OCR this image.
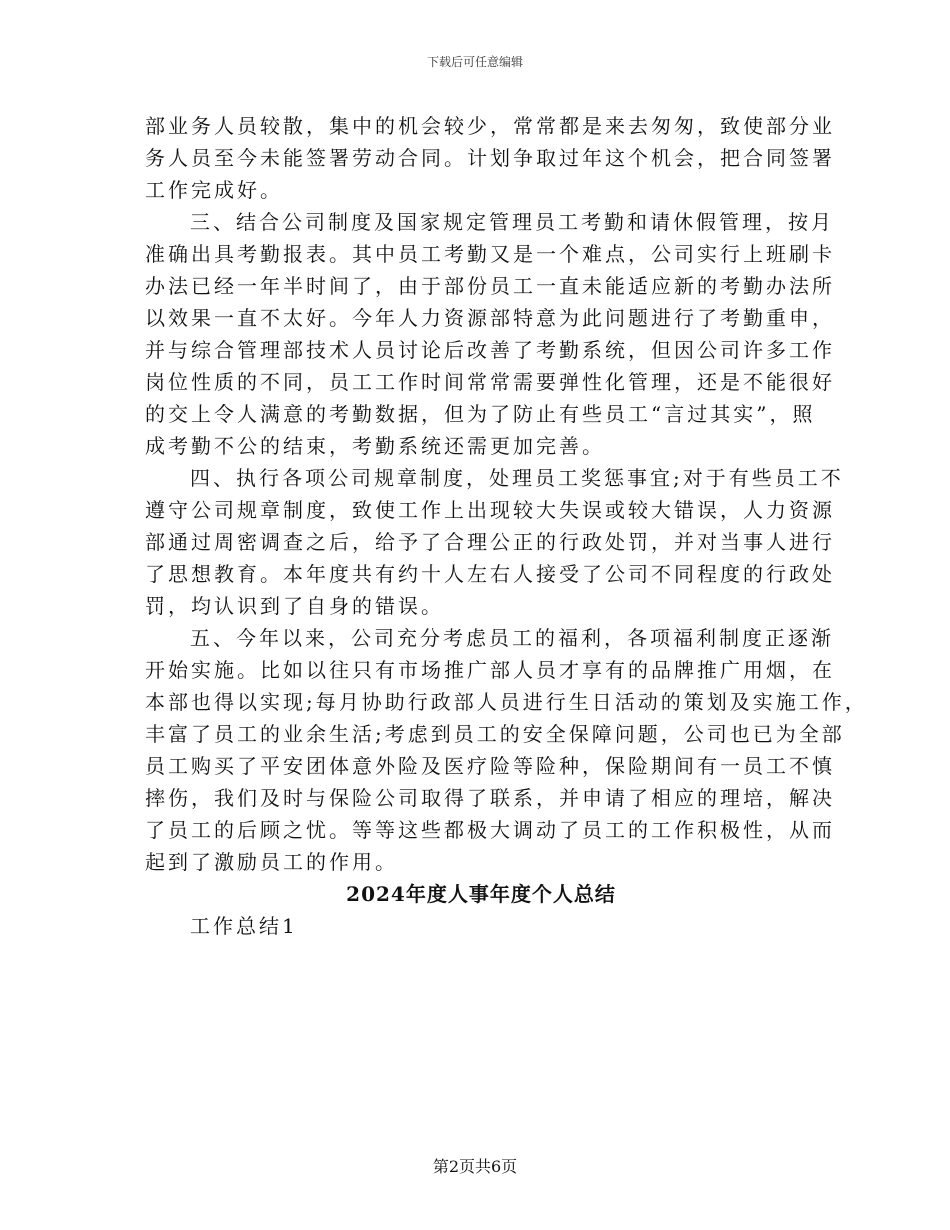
下载后可任意编辑
部业务人员较散，集中的机会较少，常常都是来去匆匆，致使部分业
务人员至今未能签署劳动合同。计划争取过年这个机会，把合同签署
工作完成好。
三、结合公司制度及国家规定管理员工考勤和请休假管理，按月
准确出具考勤报表。其中员工考勤又是一个难点，公司实行上班刷卡
办法已经一年半时间了，由于部份员工一直未能适应新的考勤办法所
以效果一直不太好。今年人力资源部特意为此问题进行了考勤重申，
并与综合管理部技术人员讨论后改善了考勤系统，但因公司许多工作
岗位性质的不同，员工工作时间常常需要弹性化管理，还是不能很好
的交上令人满意的考勤数据，但为了防止有些员工“言过其实”，照
成考勤不公的结束，考勤系统还需更加完善。
四、执行各项公司规章制度，处理员工奖惩事宜;对于有些员工不
遵守公司规章制度，致使工作上出现较大失误或较大错误，人力资源
部通过周密调查之后，给予了合理公正的行政处罚，并对当事人进行
了思想教育。本年度共有约十人左右人接受了公司不同程度的行政处
罚，均认识到了自身的错误。
五、今年以来，公司充分考虑员工的福利，各项福利制度正逐渐
开始实施。比如以往只有市场推广部人员才享有的品牌推广用烟，在
本部也得以实现;每月协助行政部人员进行生日活动的策划及实施工作，
丰富了员工的业余生活;考虑到员工的安全保障问题，公司也已为全部
员工购买了平安团体意外险及医疗险等险种，保险期间有一员工不慎
摔伤，我们及时与保险公司取得了联系，并申请了相应的理培，解决
了员工的后顾之忧。等等这些都极大调动了员工的工作积极性，从而
起到了激励员工的作用。
2024年度人事年度个人总结
工作总结1
第2页共6页
